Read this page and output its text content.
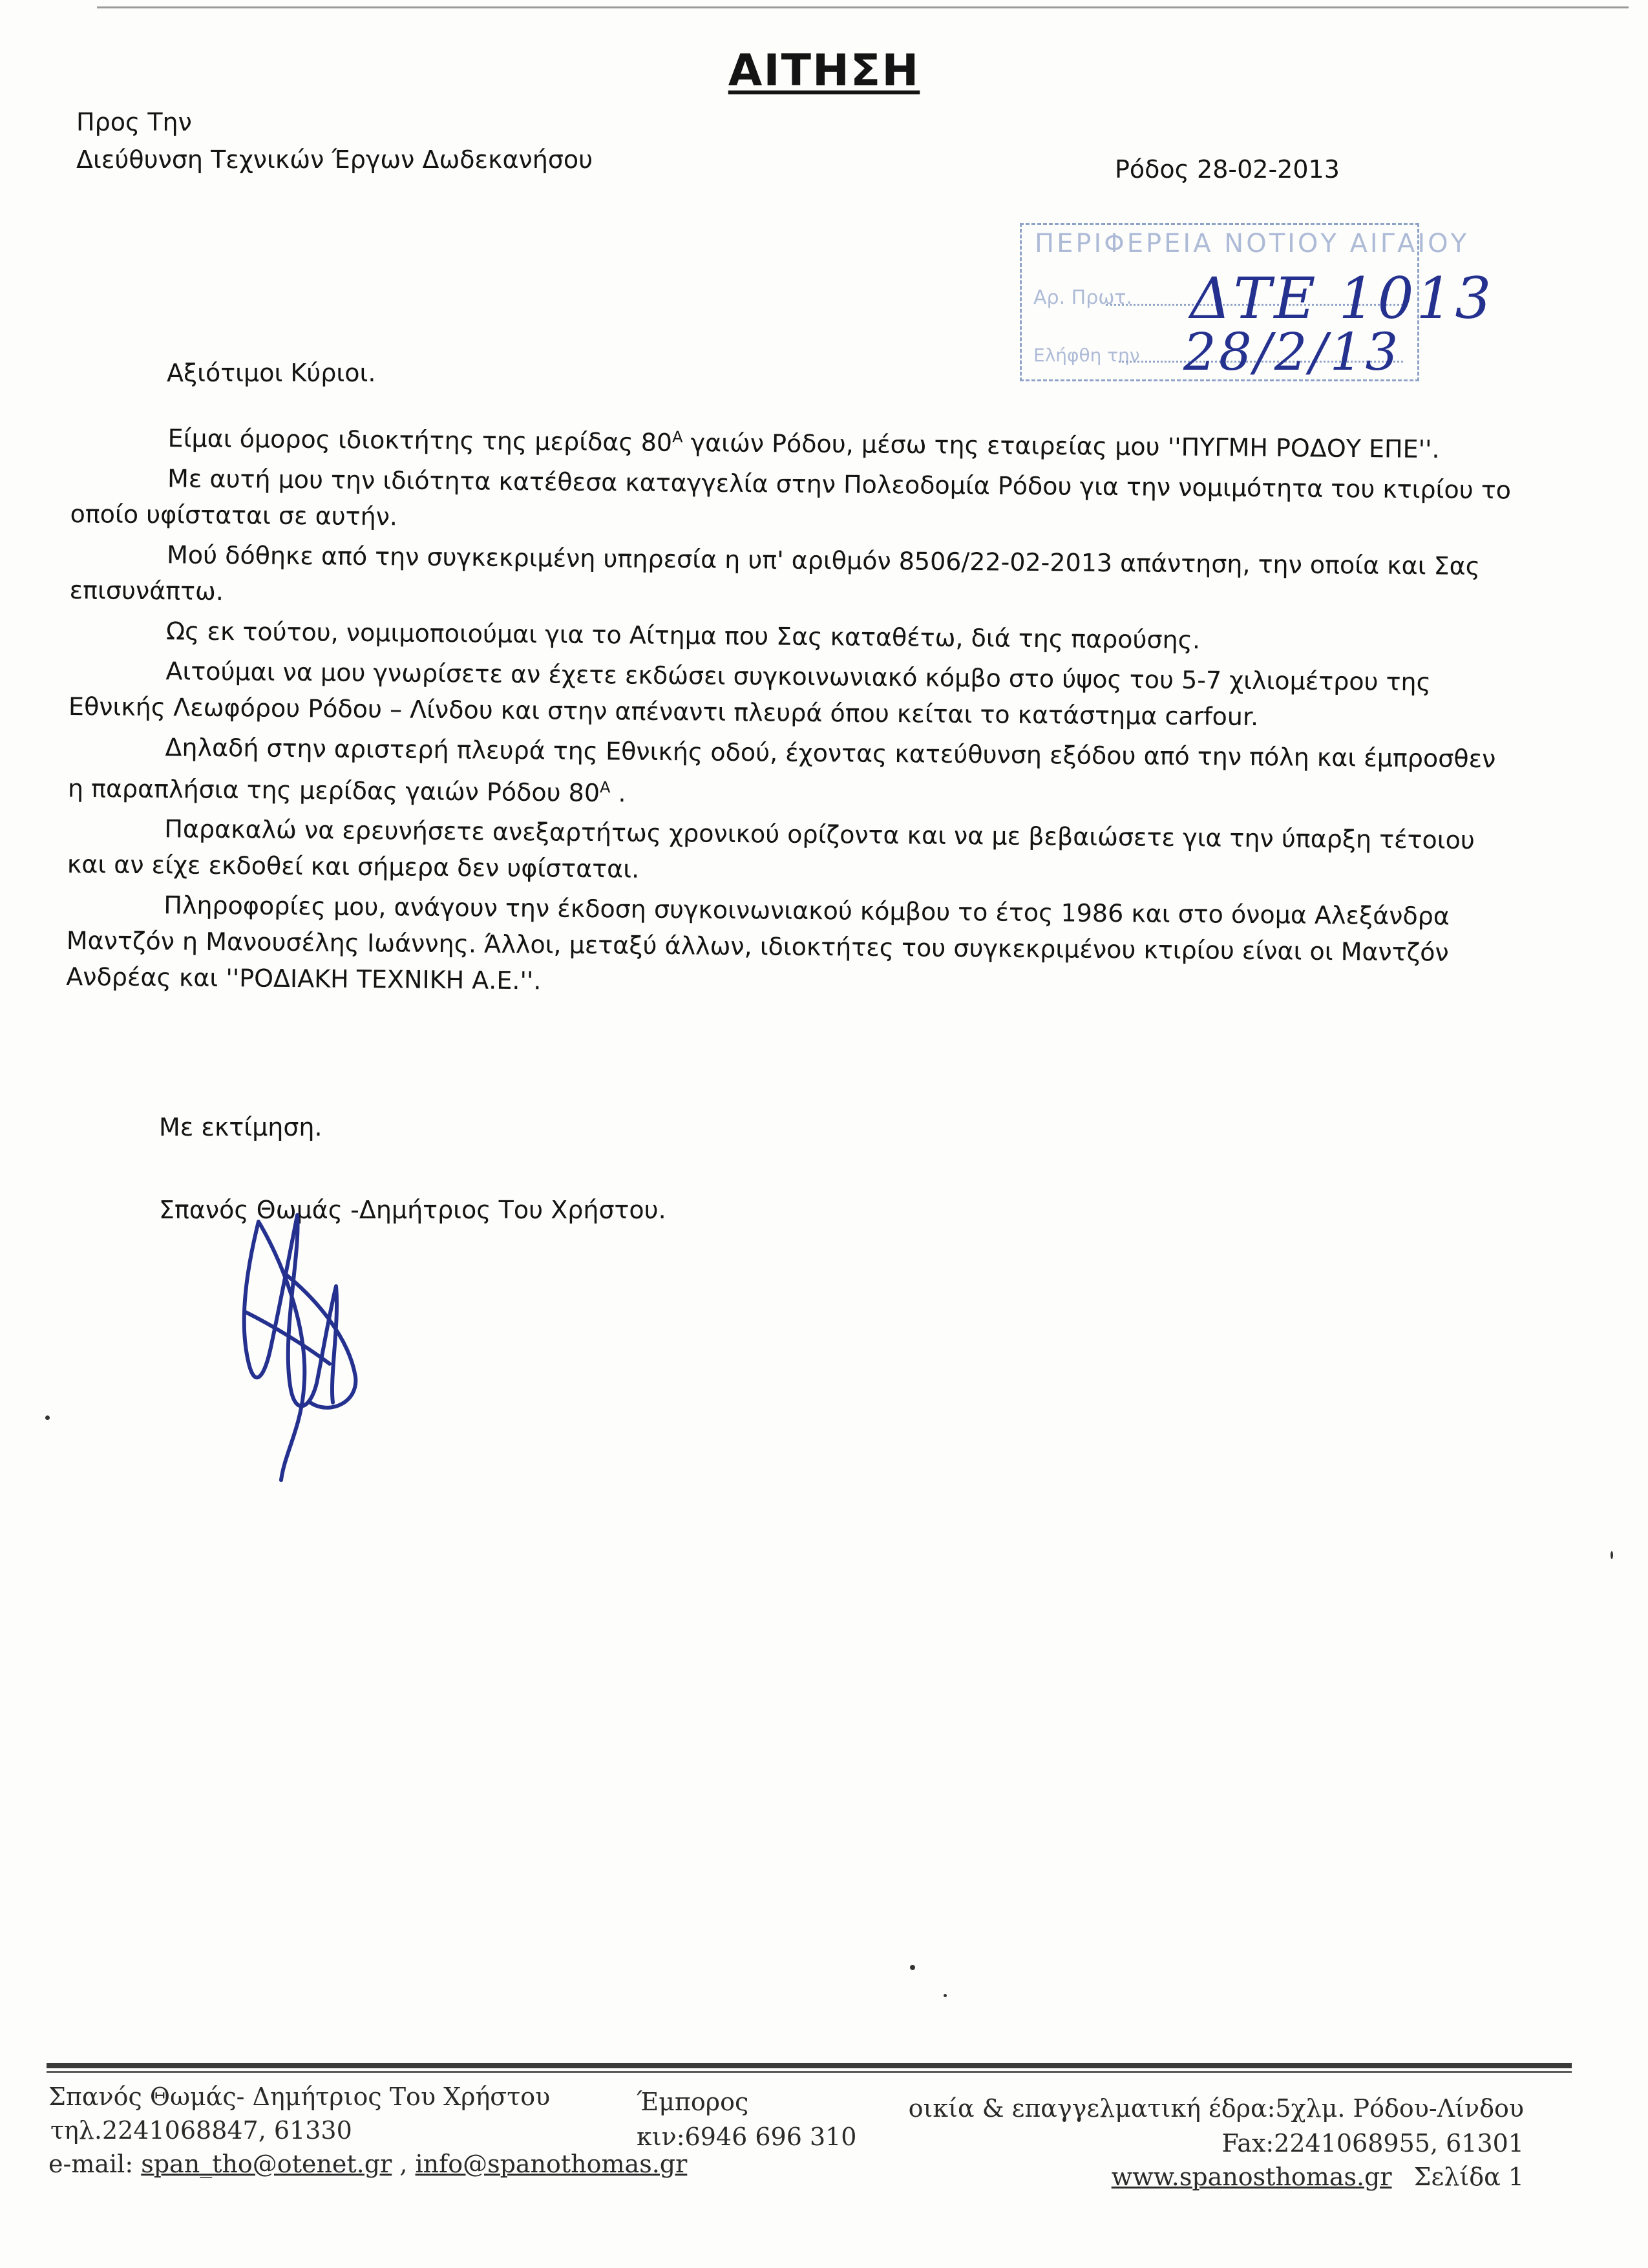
ΑΙΤΗΣΗ
Προς Την
Διεύθυνση Τεχνικών Έργων Δωδεκανήσου	Ρόδος 28-02-2013
ΠΕΡΙΦΕΡΕΙΑ ΝΟΤΙΟΥ ΑΙΓΑΙΟΥ
Αρ. Πρωτ.
Ελήφθη την
ΔΤΕ 1013
28/2/13
Αξιότιμοι Κύριοι.

Είμαι όμορος ιδιοκτήτης της μερίδας $80^A$ γαιών Ρόδου, μέσω της εταιρείας μου ''ΠΥΓΜΗ ΡΟΔΟΥ ΕΠΕ''.

Με αυτή μου την ιδιότητα κατέθεσα καταγγελία στην Πολεοδομία Ρόδου για την νομιμότητα του κτιρίου το οποίο υφίσταται σε αυτήν.

Μού δόθηκε από την συγκεκριμένη υπηρεσία η υπ' αριθμόν 8506/22-02-2013 απάντηση, την οποία και Σας επισυνάπτω.

Ως εκ τούτου, νομιμοποιούμαι για το Αίτημα που Σας καταθέτω, διά της παρούσης.

Αιτούμαι να μου γνωρίσετε αν έχετε εκδώσει συγκοινωνιακό κόμβο στο ύψος του 5-7 χιλιομέτρου της Εθνικής Λεωφόρου Ρόδου – Λίνδου και στην απέναντι πλευρά όπου κείται το κατάστημα carfour.

Δηλαδή στην αριστερή πλευρά της Εθνικής οδού, έχοντας κατεύθυνση εξόδου από την πόλη και έμπροσθεν η παραπλήσια της μερίδας γαιών Ρόδου $80^A$ .

Παρακαλώ να ερευνήσετε ανεξαρτήτως χρονικού ορίζοντα και να με βεβαιώσετε για την ύπαρξη τέτοιου και αν είχε εκδοθεί και σήμερα δεν υφίσταται.

Πληροφορίες μου, ανάγουν την έκδοση συγκοινωνιακού κόμβου το έτος 1986 και στο όνομα Αλεξάνδρα Μαντζόν η Μανουσέλης Ιωάννης. Άλλοι, μεταξύ άλλων, ιδιοκτήτες του συγκεκριμένου κτιρίου είναι οι Μαντζόν Ανδρέας και ''ΡΟΔΙΑΚΗ ΤΕΧΝΙΚΗ Α.Ε.''.

Με εκτίμηση.
Σπανός Θωμάς -Δημήτριος Του Χρήστου.
Σπανός Θωμάς- Δημήτριος Του Χρήστου
τηλ.2241068847, 61330
e-mail: span_tho@otenet.gr , info@spanothomas.gr
Έμπορος
κιν:6946 696 310
οικία & επαγγελματική έδρα:5χλμ. Ρόδου-Λίνδου
Fax:2241068955, 61301
www.spanosthomas.gr Σελίδα 1
